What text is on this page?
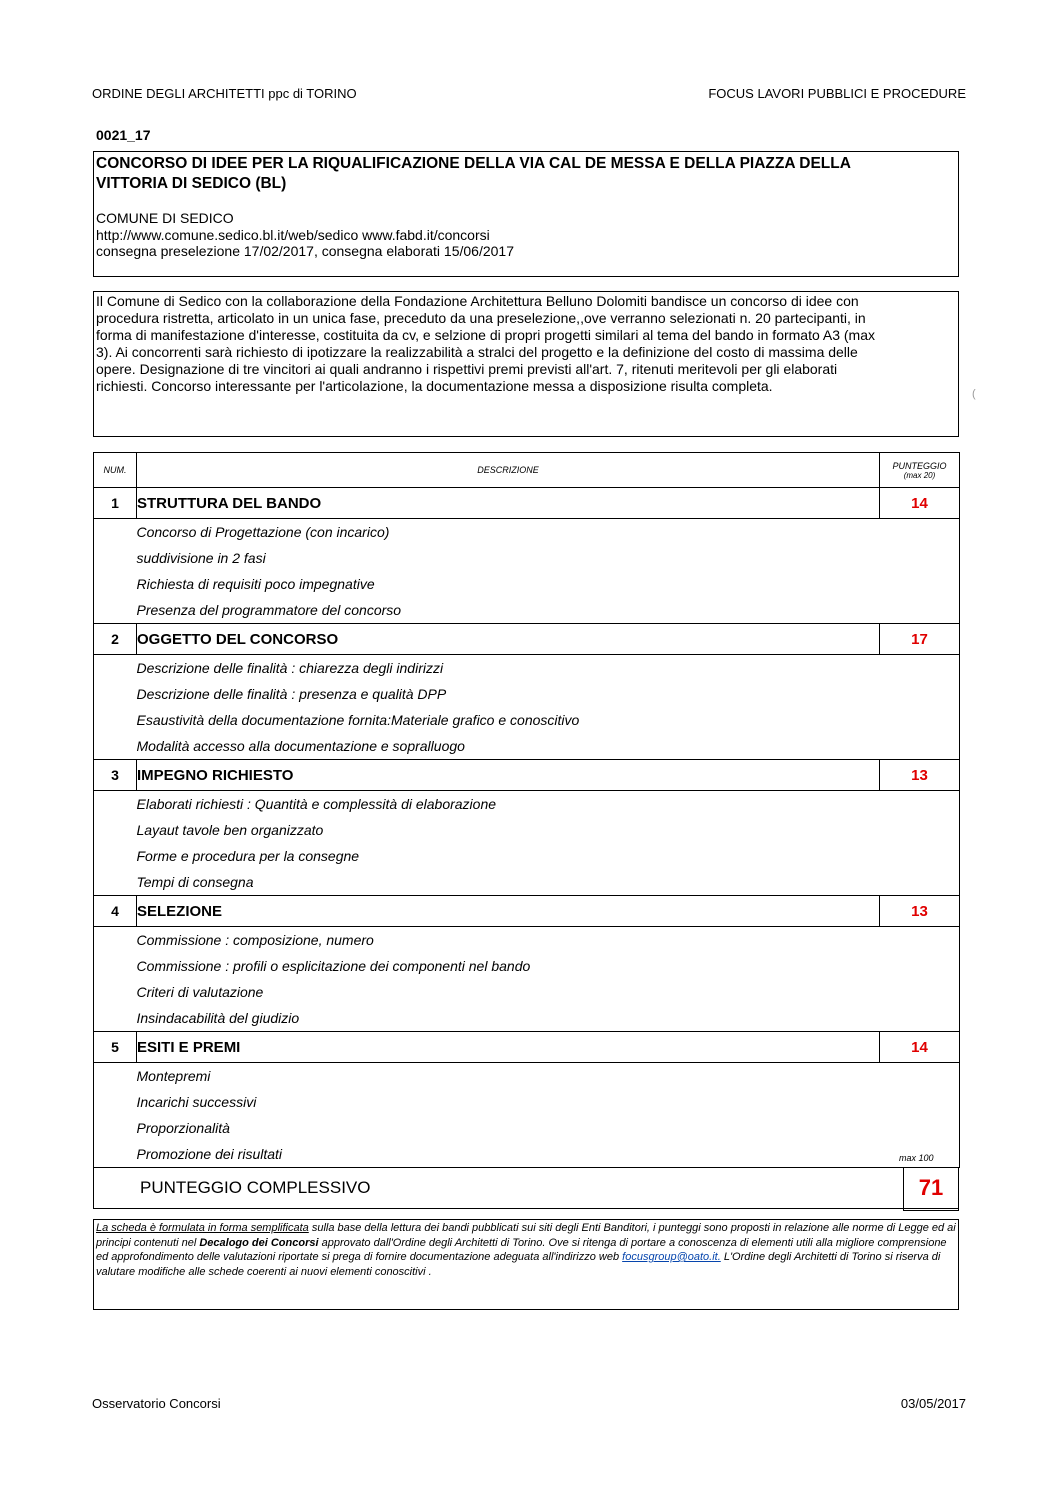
ORDINE DEGLI ARCHITETTI ppc di TORINO	FOCUS LAVORI PUBBLICI E PROCEDURE
0021_17
CONCORSO DI IDEE PER LA RIQUALIFICAZIONE DELLA VIA CAL DE MESSA E DELLA PIAZZA DELLA
VITTORIA DI SEDICO (BL)
COMUNE DI SEDICO
http://www.comune.sedico.bl.it/web/sedico www.fabd.it/concorsi
consegna preselezione 17/02/2017, consegna elaborati 15/06/2017
Il Comune di Sedico con la collaborazione della Fondazione Architettura Belluno Dolomiti bandisce un concorso di idee con
procedura ristretta, articolato in un unica fase, preceduto da una preselezione,,ove verranno selezionati n. 20 partecipanti, in
forma di manifestazione d'interesse, costituita da cv, e selzione di propri progetti similari al tema del bando in formato A3 (max
3). Ai concorrenti sarà richiesto di ipotizzare la realizzabilità a stralci del progetto e la definizione del costo di massima delle
opere. Designazione di tre vincitori ai quali andranno i rispettivi premi previsti all'art. 7, ritenuti meritevoli per gli elaborati
richiesti. Concorso interessante per l'articolazione, la documentazione messa a disposizione risulta completa.	(
NUM.	DESCRIZIONE	PUNTEGGIO
(max 20)

1	STRUTTURA DEL BANDO	14
	Concorso di Progettazione (con incarico)	
	suddivisione in 2 fasi	
	Richiesta di requisiti poco impegnative	
	Presenza del programmatore del concorso	
2	OGGETTO DEL CONCORSO	17
	Descrizione delle finalità : chiarezza degli indirizzi	
	Descrizione delle finalità : presenza e qualità DPP	
	Esaustività della documentazione fornita:Materiale grafico e conoscitivo	
	Modalità accesso alla documentazione e sopralluogo	
3	IMPEGNO RICHIESTO	13
	Elaborati richiesti : Quantità e complessità di elaborazione	
	Layaut tavole ben organizzato	
	Forme e procedura per la consegne	
	Tempi di consegna	
4	SELEZIONE	13
	Commissione : composizione, numero	
	Commissione : profili o esplicitazione dei componenti nel bando	
	Criteri di valutazione	
	Insindacabilità del giudizio	
5	ESITI E PREMI	14
	Montepremi	
	Incarichi successivi	
	Proporzionalità	
	Promozione dei risultati		max 100
PUNTEGGIO COMPLESSIVO	71
La scheda è formulata in forma semplificata sulla base della lettura dei bandi pubblicati sui siti degli Enti Banditori, i punteggi sono proposti in relazione alle norme di Legge ed ai principi contenuti nel Decalogo dei Concorsi approvato dall'Ordine degli Architetti di Torino. Ove si ritenga di portare a conoscenza di elementi utili alla migliore comprensione ed approfondimento delle valutazioni riportate si prega di fornire documentazione adeguata all'indirizzo web focusgroup@oato.it. L'Ordine degli Architetti di Torino si riserva di valutare modifiche alle schede coerenti ai nuovi elementi conoscitivi .
Osservatorio Concorsi	03/05/2017
